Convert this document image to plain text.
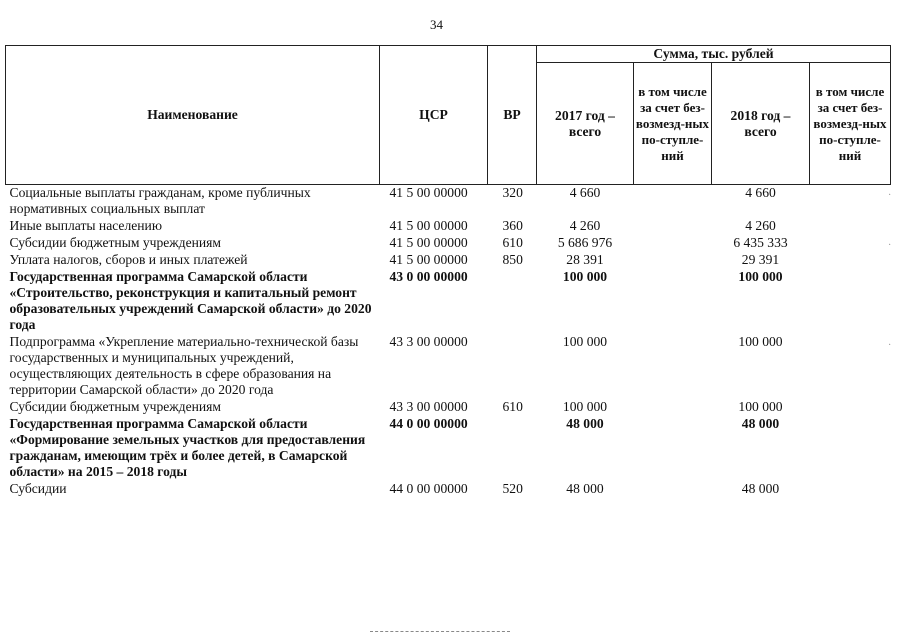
34
Наименование	ЦСР	ВР	Сумма, тыс. рублей			
			2017 год – всего	в том числе за счет без-возмезд-ных по-ступле-ний	2018 год – всего	в том числе за счет без-возмезд-ных по-ступле-ний
Социальные выплаты гражданам, кроме публичных нормативных социальных выплат	41 5 00 00000	320	4 660		4 660	
Иные выплаты населению	41 5 00 00000	360	4 260		4 260	
Субсидии бюджетным учреждениям	41 5 00 00000	610	5 686 976		6 435 333	
Уплата налогов, сборов и иных платежей	41 5 00 00000	850	28 391		29 391	
Государственная программа Самарской области «Строительство, реконструкция и капитальный ремонт образовательных учреждений Самарской области» до 2020 года	43 0 00 00000		100 000		100 000	
Подпрограмма «Укрепление материально-технической базы государственных и муниципальных учреждений, осуществляющих деятельность в сфере образования на территории Самарской области» до 2020 года	43 3 00 00000		100 000		100 000	
Субсидии бюджетным учреждениям	43 3 00 00000	610	100 000		100 000	
Государственная программа Самарской области «Формирование земельных участков для предоставления гражданам, имеющим трёх и более детей, в Самарской области» на 2015 – 2018 годы	44 0 00 00000		48 000		48 000	
Субсидии	44 0 00 00000	520	48 000		48 000	
·
·
·
